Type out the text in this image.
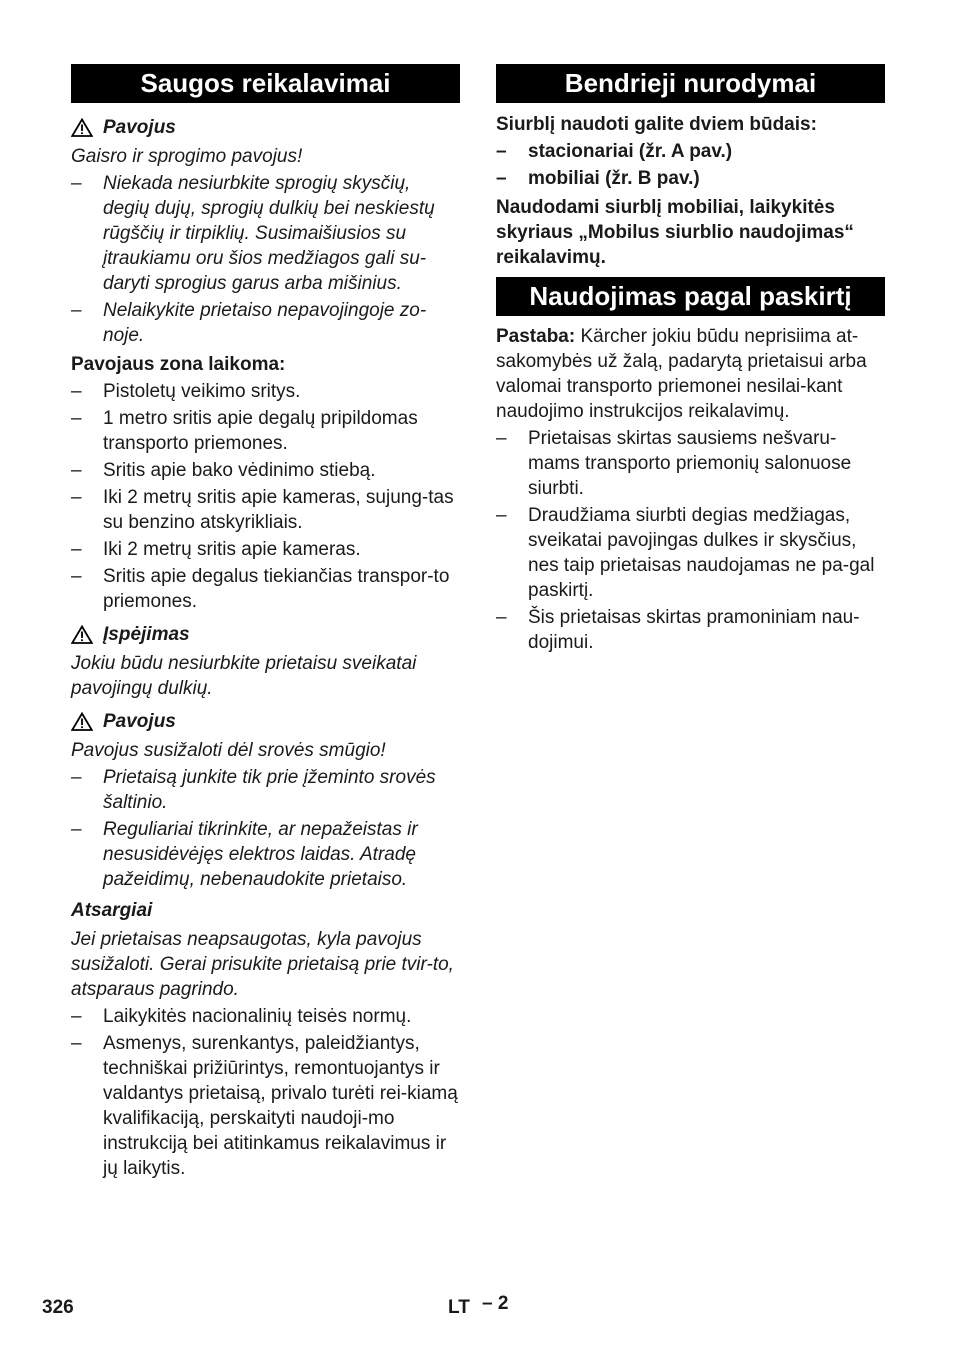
Saugos reikalavimai
Pavojus
Gaisro ir sprogimo pavojus!
– Niekada nesiurbkite sprogių skysčių, degių dujų, sprogių dulkių bei neskiestų rūgščių ir tirpiklių. Susimaišiusios su įtraukiamu oru šios medžiagos gali su-daryti sprogius garus arba mišinius.
– Nelaikykite prietaiso nepavojingoje zo-noje.
Pavojaus zona laikoma:
– Pistoletų veikimo sritys.
– 1 metro sritis apie degalų pripildomas transporto priemones.
– Sritis apie bako vėdinimo stiebą.
– Iki 2 metrų sritis apie kameras, sujung-tas su benzino atskyrikliais.
– Iki 2 metrų sritis apie kameras.
– Sritis apie degalus tiekiančias transpor-to priemones.
Įspėjimas
Jokiu būdu nesiurbkite prietaisu sveikatai pavojingų dulkių.
Pavojus
Pavojus susižaloti dėl srovės smūgio!
– Prietaisą junkite tik prie įžeminto srovės šaltinio.
– Reguliariai tikrinkite, ar nepažeistas ir nesusidėvėjęs elektros laidas. Atradę pažeidimų, nebenaudokite prietaiso.
Atsargiai
Jei prietaisas neapsaugotas, kyla pavojus susižaloti. Gerai prisukite prietaisą prie tvir-to, atsparaus pagrindo.
– Laikykitės nacionalinių teisės normų.
– Asmenys, surenkantys, paleidžiantys, techniškai prižiūrintys, remontuojantys ir valdantys prietaisą, privalo turėti rei-kiamą kvalifikaciją, perskaityti naudoji-mo instrukciją bei atitinkamus reikalavimus ir jų laikytis.
Bendrieji nurodymai
Siurblį naudoti galite dviem būdais:
– stacionariai (žr. A pav.)
– mobiliai (žr. B pav.)
Naudodami siurblį mobiliai, laikykitės skyriaus „Mobilus siurblio naudojimas“ reikalavimų.
Naudojimas pagal paskirtį
Pastaba: Kärcher jokiu būdu neprisiima at-sakomybės už žalą, padarytą prietaisui arba valomai transporto priemonei nesilai-kant naudojimo instrukcijos reikalavimų.
– Prietaisas skirtas sausiems nešvaru-mams transporto priemonių salonuose siurbti.
– Draudžiama siurbti degias medžiagas, sveikatai pavojingas dulkes ir skysčius, nes taip prietaisas naudojamas ne pa-gal paskirtį.
– Šis prietaisas skirtas pramoniniam nau-dojimui.
326	LT – 2
